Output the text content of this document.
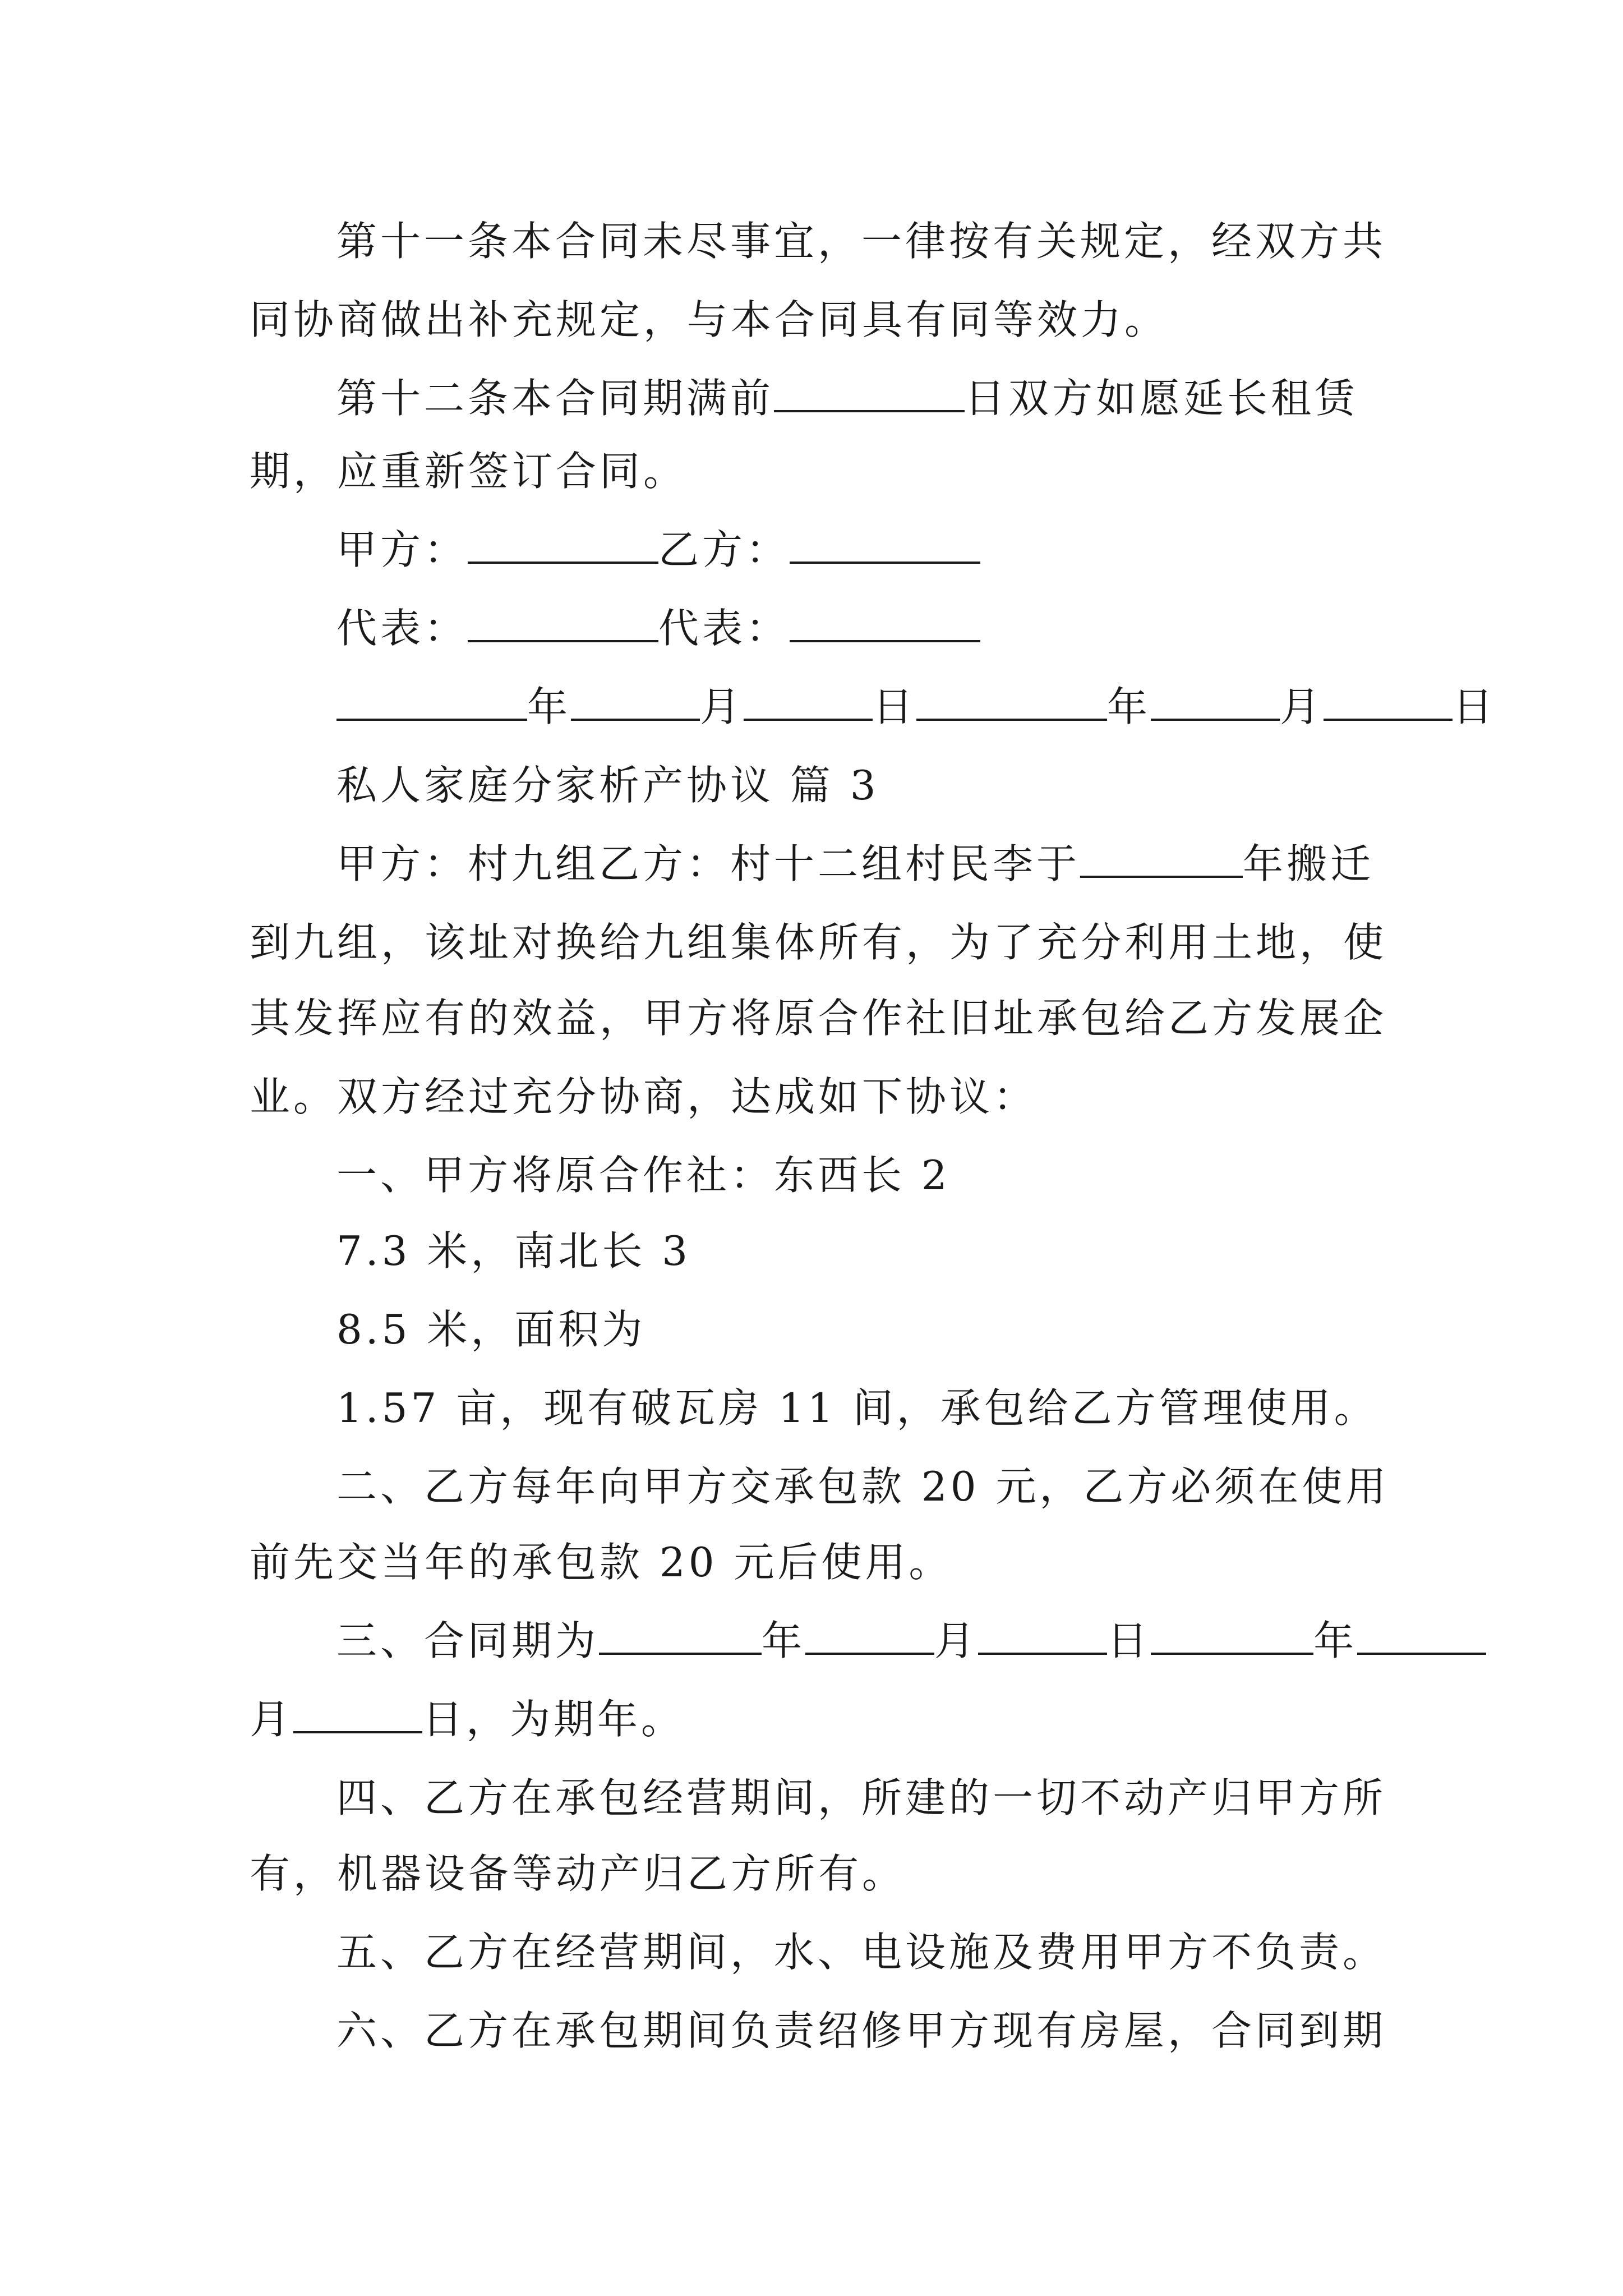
第十一条本合同未尽事宜，一律按有关规定，经双方共
同协商做出补充规定，与本合同具有同等效力。
第十二条本合同期满前	日双方如愿延长租赁
期，应重新签订合同。
甲方：	乙方：
代表：	代表：
年	月	日	年	月	日
私人家庭分家析产协议 篇 3
甲方：村九组乙方：村十二组村民李于	年搬迁
到九组，该址对换给九组集体所有，为了充分利用土地，使
其发挥应有的效益，甲方将原合作社旧址承包给乙方发展企
业。双方经过充分协商，达成如下协议：
一、甲方将原合作社：东西长 2
7.3 米，南北长 3
8.5 米，面积为
1.57 亩，现有破瓦房 11 间，承包给乙方管理使用。
二、乙方每年向甲方交承包款 20 元，乙方必须在使用
前先交当年的承包款 20 元后使用。
三、合同期为	年	月	日	年
月	日，为期年。
四、乙方在承包经营期间，所建的一切不动产归甲方所
有，机器设备等动产归乙方所有。
五、乙方在经营期间，水、电设施及费用甲方不负责。
六、乙方在承包期间负责绍修甲方现有房屋，合同到期
